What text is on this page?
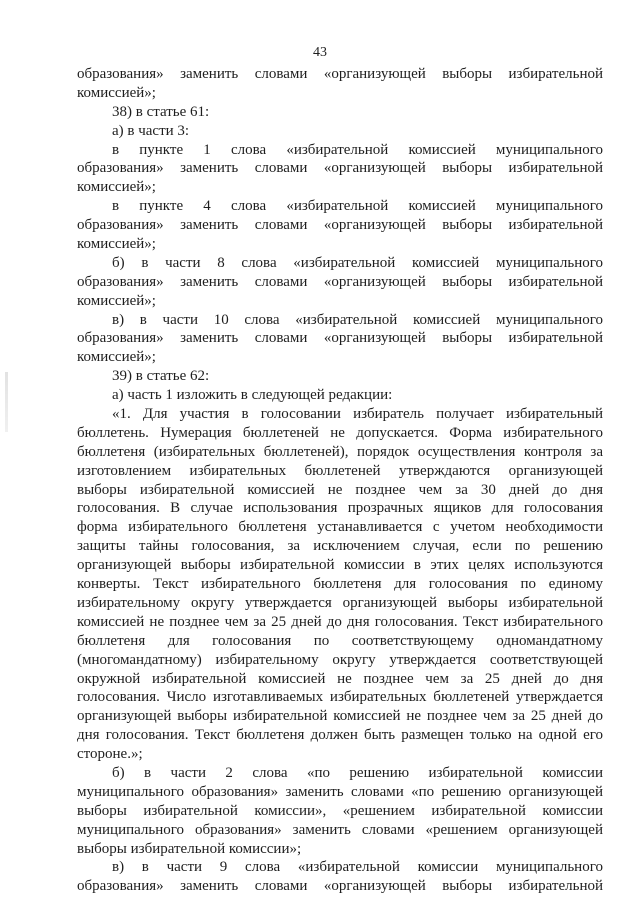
43
образования» заменить словами «организующей выборы избирательной
комиссией»;
38) в статье 61:
а) в части 3:
в пункте 1 слова «избирательной комиссией муниципального
образования» заменить словами «организующей выборы избирательной
комиссией»;
в пункте 4 слова «избирательной комиссией муниципального
образования» заменить словами «организующей выборы избирательной
комиссией»;
б) в части 8 слова «избирательной комиссией муниципального
образования» заменить словами «организующей выборы избирательной
комиссией»;
в) в части 10 слова «избирательной комиссией муниципального
образования» заменить словами «организующей выборы избирательной
комиссией»;
39) в статье 62:
а) часть 1 изложить в следующей редакции:
«1. Для участия в голосовании избиратель получает избирательный
бюллетень. Нумерация бюллетеней не допускается. Форма избирательного
бюллетеня (избирательных бюллетеней), порядок осуществления контроля за
изготовлением избирательных бюллетеней утверждаются организующей
выборы избирательной комиссией не позднее чем за 30 дней до дня
голосования. В случае использования прозрачных ящиков для голосования
форма избирательного бюллетеня устанавливается с учетом необходимости
защиты тайны голосования, за исключением случая, если по решению
организующей выборы избирательной комиссии в этих целях используются
конверты. Текст избирательного бюллетеня для голосования по единому
избирательному округу утверждается организующей выборы избирательной
комиссией не позднее чем за 25 дней до дня голосования. Текст избирательного
бюллетеня для голосования по соответствующему одномандатному
(многомандатному) избирательному округу утверждается соответствующей
окружной избирательной комиссией не позднее чем за 25 дней до дня
голосования. Число изготавливаемых избирательных бюллетеней утверждается
организующей выборы избирательной комиссией не позднее чем за 25 дней до
дня голосования. Текст бюллетеня должен быть размещен только на одной его
стороне.»;
б) в части 2 слова «по решению избирательной комиссии
муниципального образования» заменить словами «по решению организующей
выборы избирательной комиссии», «решением избирательной комиссии
муниципального образования» заменить словами «решением организующей
выборы избирательной комиссии»;
в) в части 9 слова «избирательной комиссии муниципального
образования» заменить словами «организующей выборы избирательной
